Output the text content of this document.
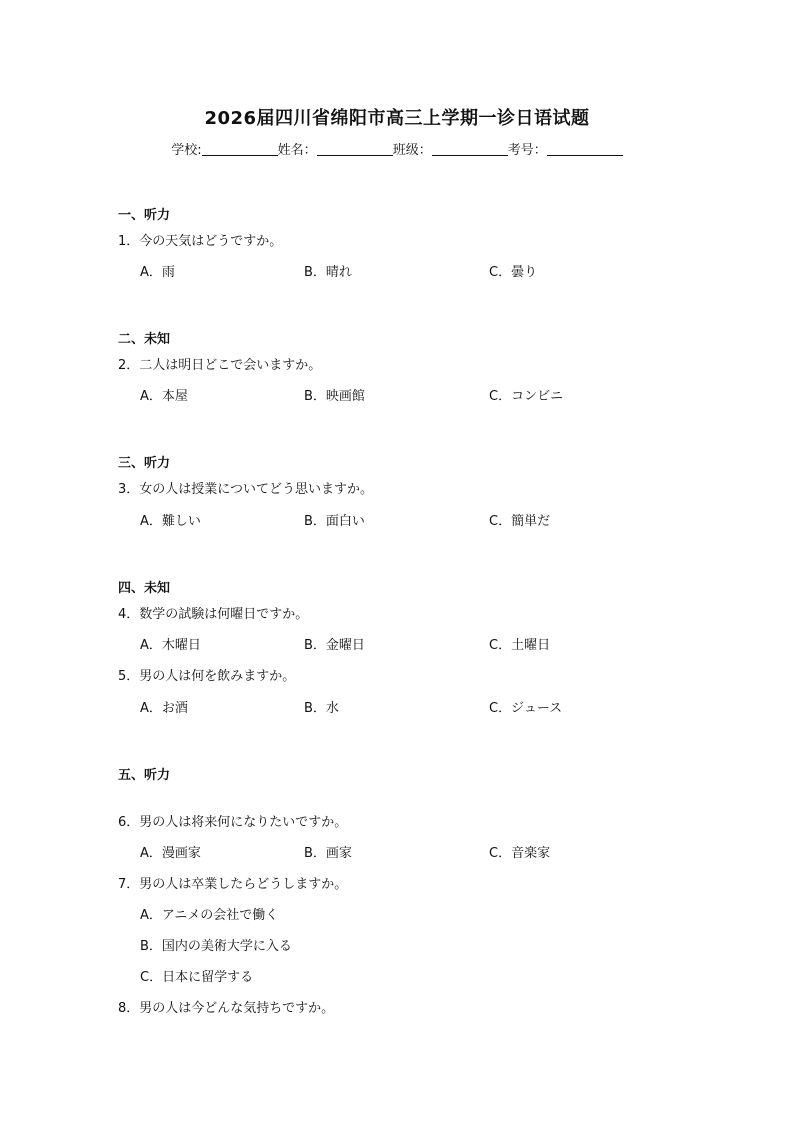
2026届四川省绵阳市高三上学期一诊日语试题
学校:	姓名：	班级：	考号：
一、听力
1．今の天気はどうですか。
A．雨	B．晴れ	C．曇り
二、未知
2．二人は明日どこで会いますか。
A．本屋	B．映画館	C．コンビニ
三、听力
3．女の人は授業についてどう思いますか。
A．難しい	B．面白い	C．簡単だ
四、未知
4．数学の試験は何曜日ですか。
A．木曜日	B．金曜日	C．土曜日
5．男の人は何を飲みますか。
A．お酒	B．水	C．ジュース
五、听力
6．男の人は将来何になりたいですか。
A．漫画家	B．画家	C．音楽家
7．男の人は卒業したらどうしますか。
A．アニメの会社で働く
B．国内の美術大学に入る
C．日本に留学する
8．男の人は今どんな気持ちですか。
